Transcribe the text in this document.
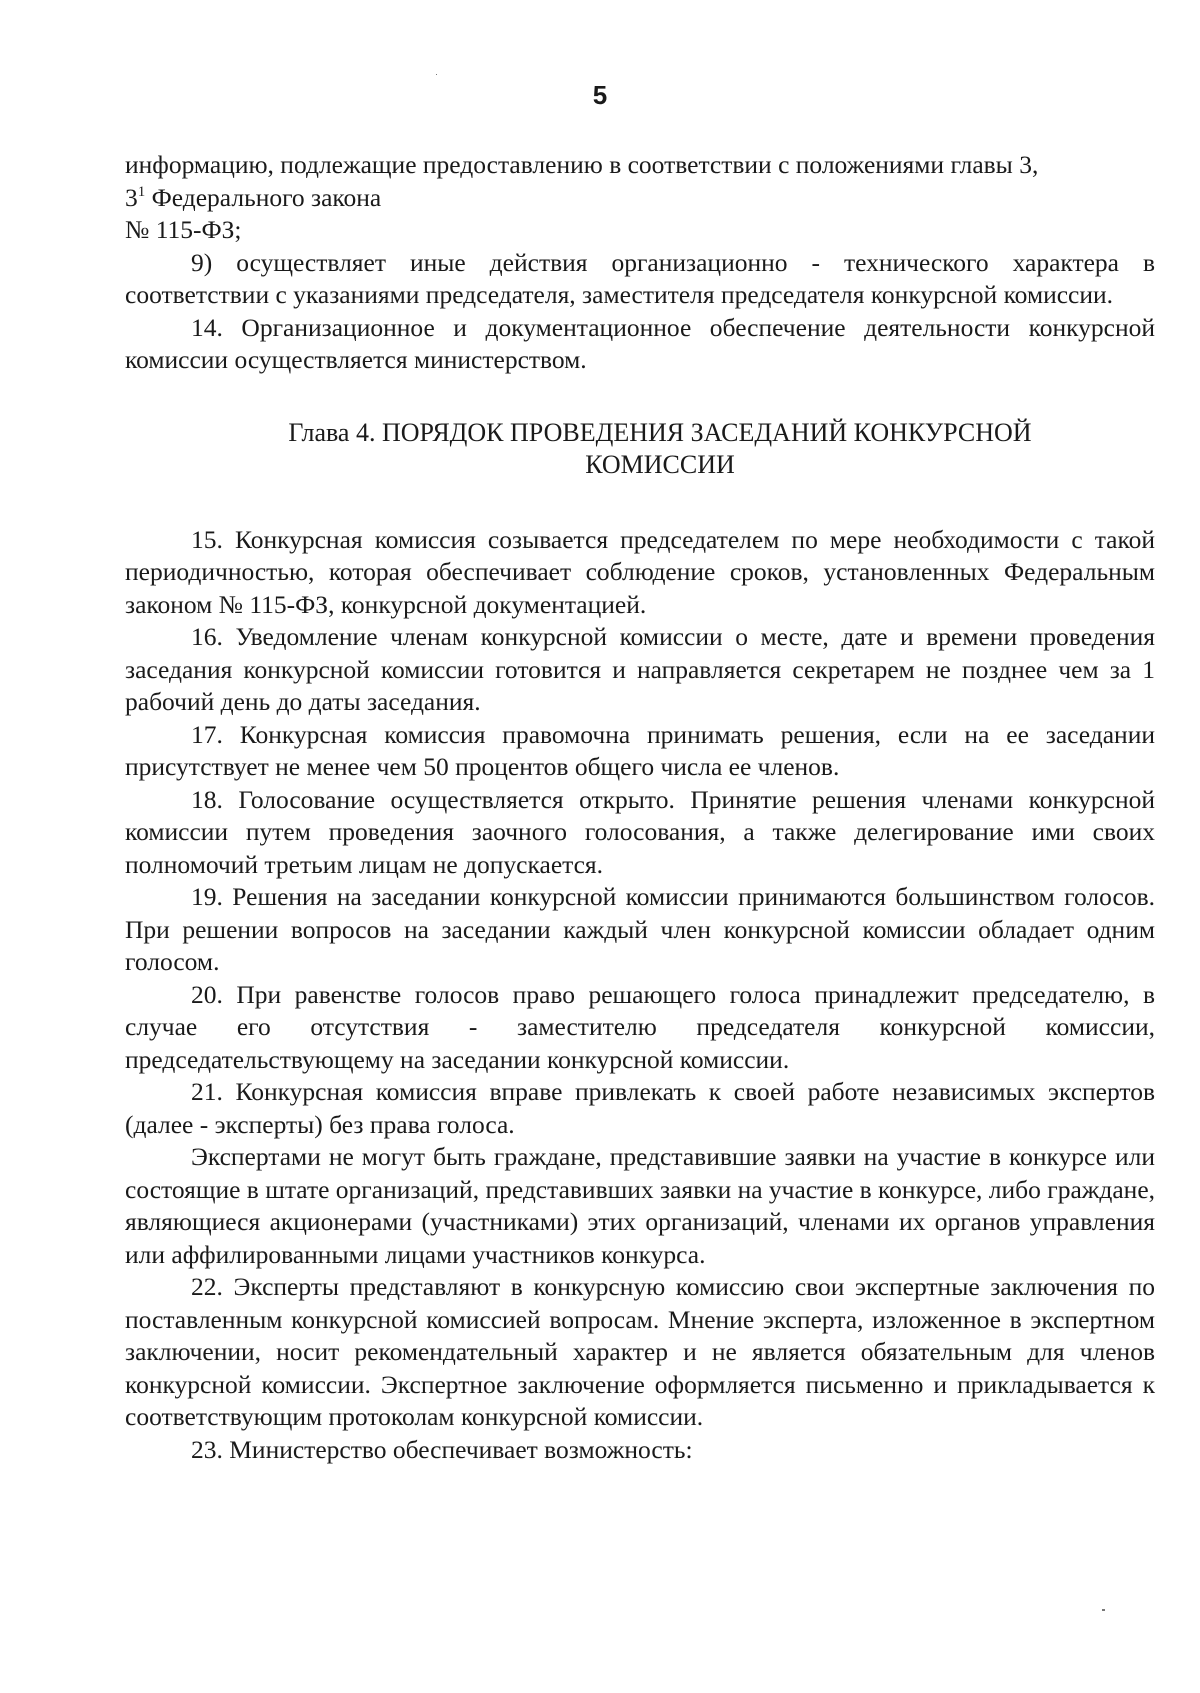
5

информацию, подлежащие предоставлению в соответствии с положениями главы 3,

$3^1$ Федерального закона

№ 115-ФЗ;

9) осуществляет иные действия организационно - технического характера в соответствии с указаниями председателя, заместителя председателя конкурсной комиссии.

14. Организационное и документационное обеспечение деятельности конкурсной комиссии осуществляется министерством.

Глава 4. ПОРЯДОК ПРОВЕДЕНИЯ ЗАСЕДАНИЙ КОНКУРСНОЙ
КОМИССИИ

15. Конкурсная комиссия созывается председателем по мере необходимости с такой периодичностью, которая обеспечивает соблюдение сроков, установленных Федеральным законом № 115-ФЗ, конкурсной документацией.

16. Уведомление членам конкурсной комиссии о месте, дате и времени проведения заседания конкурсной комиссии готовится и направляется секретарем не позднее чем за 1 рабочий день до даты заседания.

17. Конкурсная комиссия правомочна принимать решения, если на ее заседании присутствует не менее чем 50 процентов общего числа ее членов.

18. Голосование осуществляется открыто. Принятие решения членами конкурсной комиссии путем проведения заочного голосования, а также делегирование ими своих полномочий третьим лицам не допускается.

19. Решения на заседании конкурсной комиссии принимаются большинством голосов. При решении вопросов на заседании каждый член конкурсной комиссии обладает одним голосом.

20. При равенстве голосов право решающего голоса принадлежит председателю, в случае его отсутствия - заместителю председателя конкурсной комиссии, председательствующему на заседании конкурсной комиссии.

21. Конкурсная комиссия вправе привлекать к своей работе независимых экспертов (далее - эксперты) без права голоса.

Экспертами не могут быть граждане, представившие заявки на участие в конкурсе или состоящие в штате организаций, представивших заявки на участие в конкурсе, либо граждане, являющиеся акционерами (участниками) этих организаций, членами их органов управления или аффилированными лицами участников конкурса.

22. Эксперты представляют в конкурсную комиссию свои экспертные заключения по поставленным конкурсной комиссией вопросам. Мнение эксперта, изложенное в экспертном заключении, носит рекомендательный характер и не является обязательным для членов конкурсной комиссии. Экспертное заключение оформляется письменно и прикладывается к соответствующим протоколам конкурсной комиссии.

23. Министерство обеспечивает возможность:
